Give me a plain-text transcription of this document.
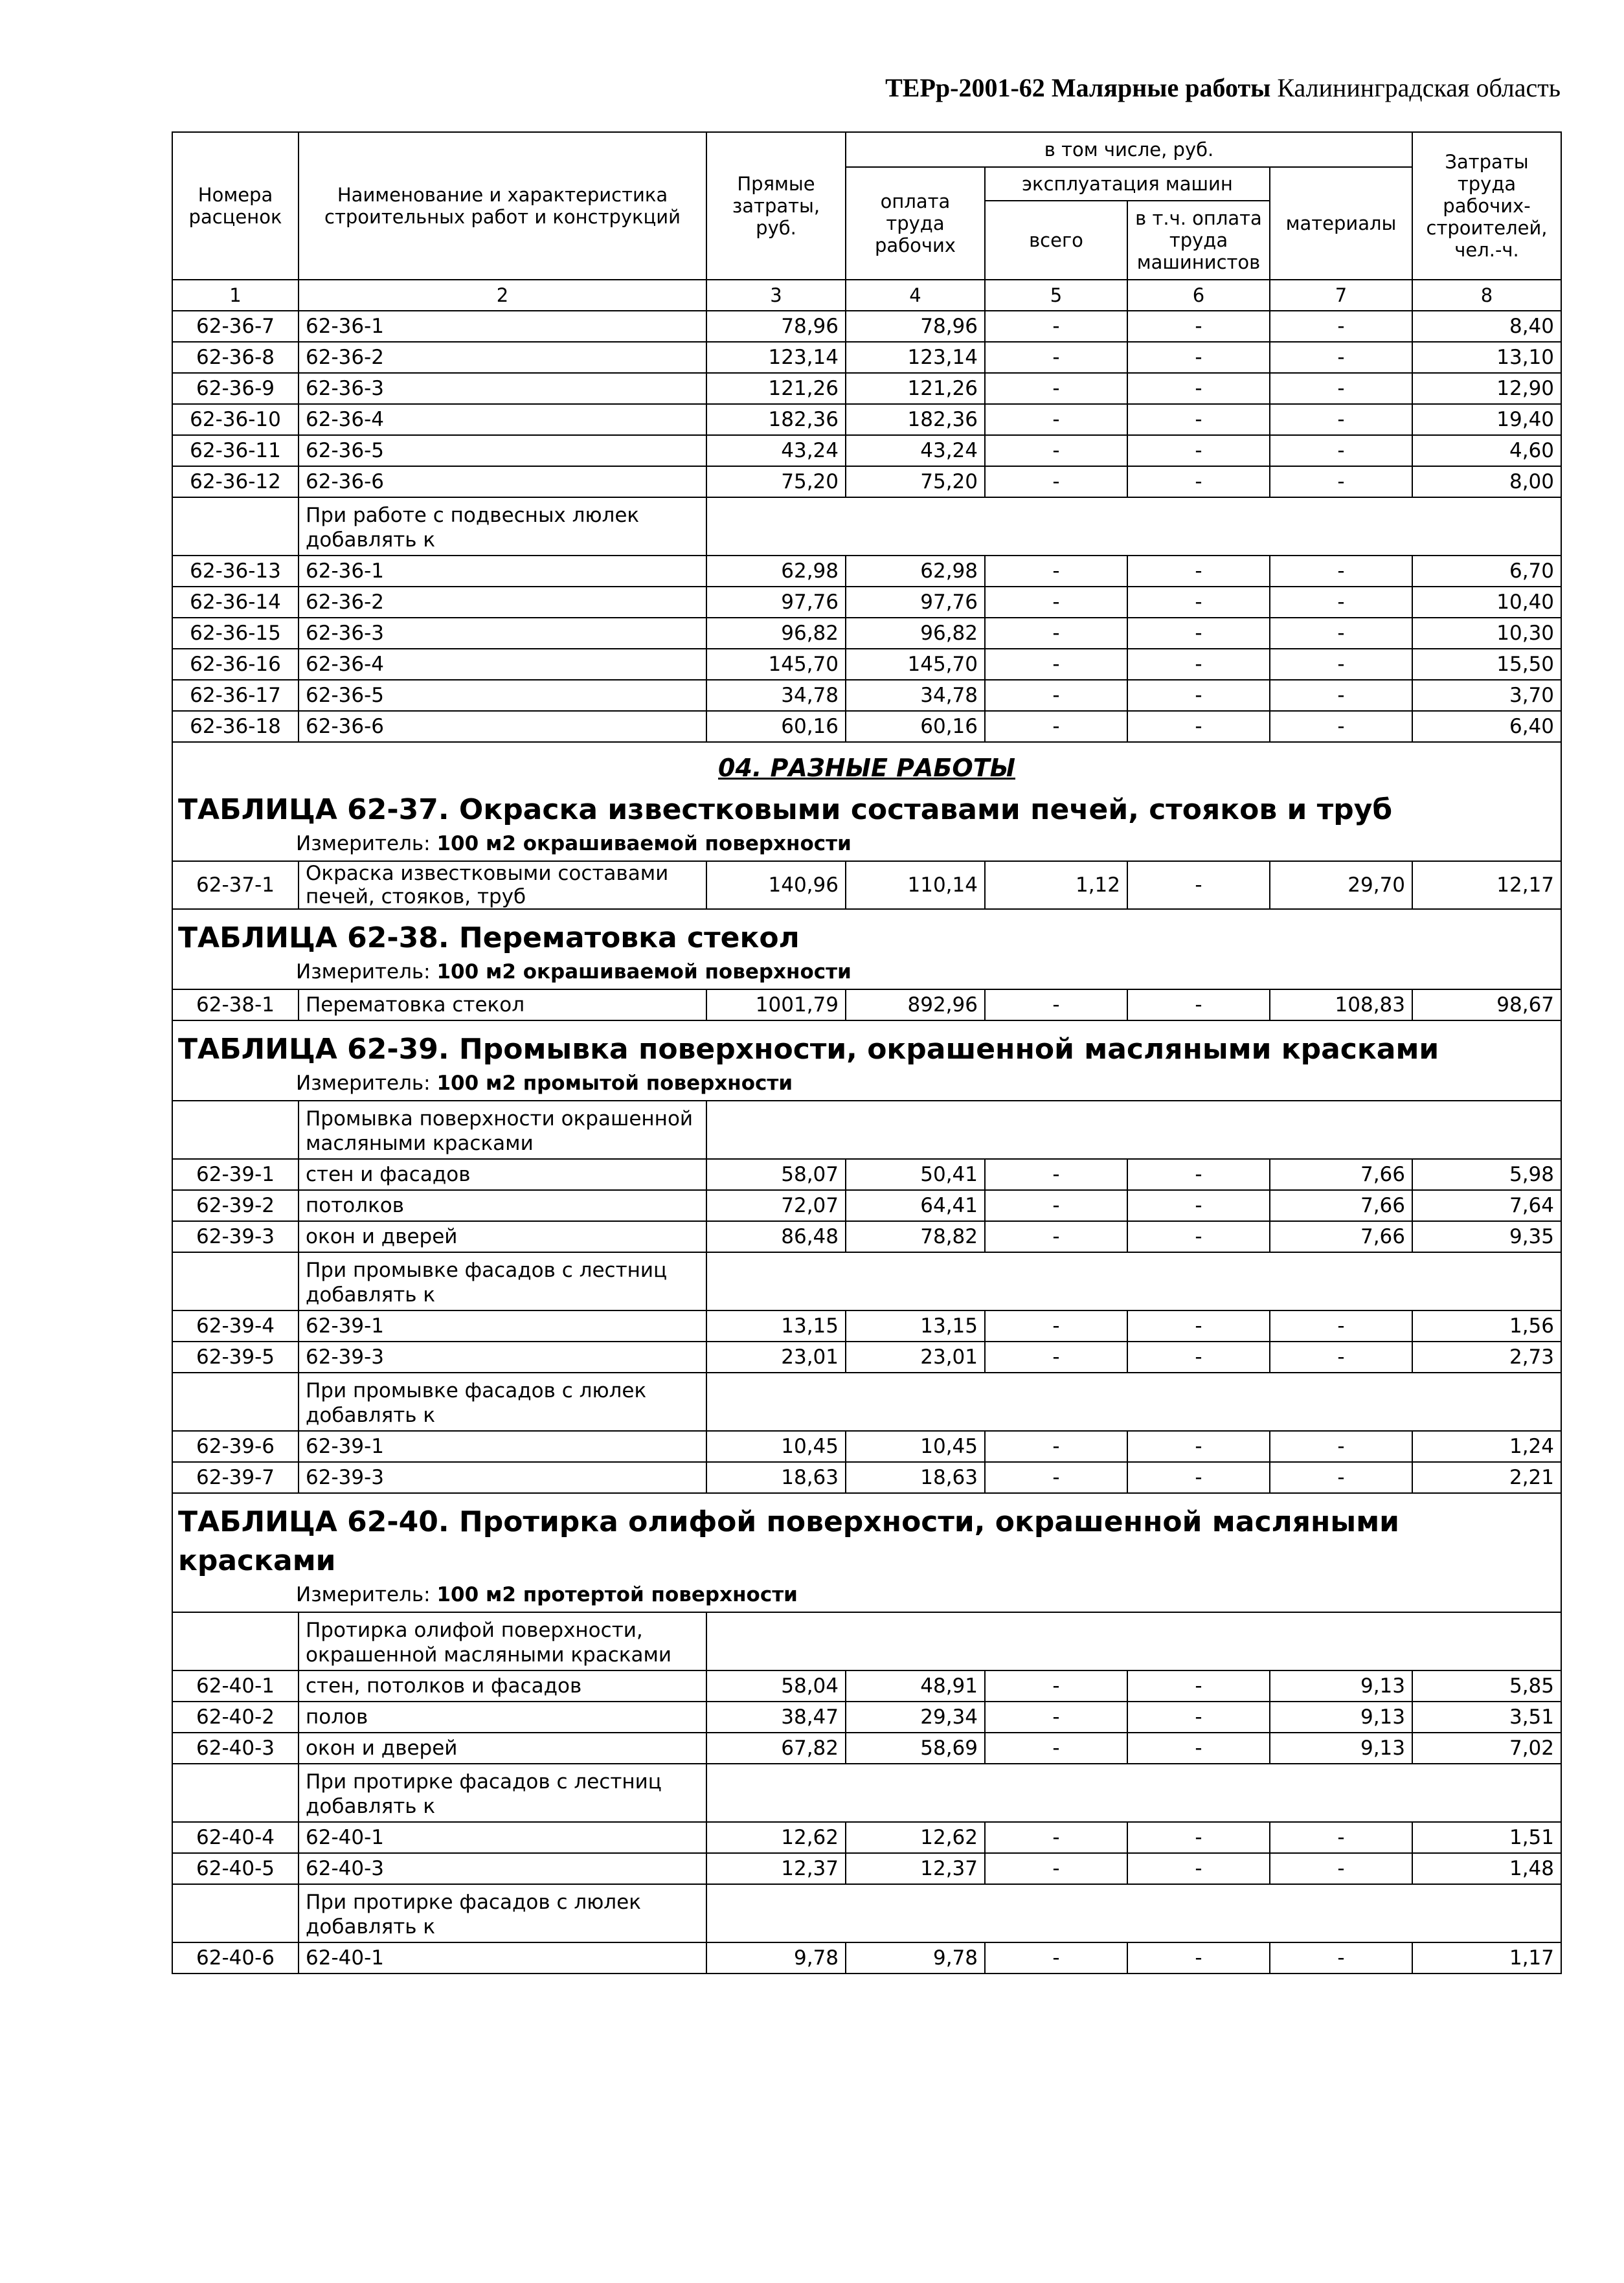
ТЕРр-2001-62 Малярные работы Калининградская область
Номера расценок	Наименование и характеристика строительных работ и конструкций	Прямые затраты, руб.	в том числе, руб.				Затраты труда рабочих-строителей, чел.-ч.
			оплата труда рабочих	эксплуатация машин		материалы	
				всего	в т.ч. оплата труда машинистов		
1	2	3	4	5	6	7	8
62-36-7	62-36-1	78,96	78,96	-	-	-	8,40
62-36-8	62-36-2	123,14	123,14	-	-	-	13,10
62-36-9	62-36-3	121,26	121,26	-	-	-	12,90
62-36-10	62-36-4	182,36	182,36	-	-	-	19,40
62-36-11	62-36-5	43,24	43,24	-	-	-	4,60
62-36-12	62-36-6	75,20	75,20	-	-	-	8,00
	При работе с подвесных люлек добавлять к						
62-36-13	62-36-1	62,98	62,98	-	-	-	6,70
62-36-14	62-36-2	97,76	97,76	-	-	-	10,40
62-36-15	62-36-3	96,82	96,82	-	-	-	10,30
62-36-16	62-36-4	145,70	145,70	-	-	-	15,50
62-36-17	62-36-5	34,78	34,78	-	-	-	3,70
62-36-18	62-36-6	60,16	60,16	-	-	-	6,40

04. РАЗНЫЕ РАБОТЫ
ТАБЛИЦА 62-37. Окраска известковыми составами печей, стояков и труб
Измеритель: 100 м2 окрашиваемой поверхности							

62-37-1	Окраска известковыми составами печей, стояков, труб	140,96	110,14	1,12	-	29,70	12,17

ТАБЛИЦА 62-38. Перематовка стекол
Измеритель: 100 м2 окрашиваемой поверхности							

62-38-1	Перематовка стекол	1001,79	892,96	-	-	108,83	98,67

ТАБЛИЦА 62-39. Промывка поверхности, окрашенной масляными красками
Измеритель: 100 м2 промытой поверхности							

	Промывка поверхности окрашенной масляными красками						
62-39-1	стен и фасадов	58,07	50,41	-	-	7,66	5,98
62-39-2	потолков	72,07	64,41	-	-	7,66	7,64
62-39-3	окон и дверей	86,48	78,82	-	-	7,66	9,35
	При промывке фасадов с лестниц добавлять к						
62-39-4	62-39-1	13,15	13,15	-	-	-	1,56
62-39-5	62-39-3	23,01	23,01	-	-	-	2,73
	При промывке фасадов с люлек добавлять к						
62-39-6	62-39-1	10,45	10,45	-	-	-	1,24
62-39-7	62-39-3	18,63	18,63	-	-	-	2,21

ТАБЛИЦА 62-40. Протирка олифой поверхности, окрашенной масляными красками
Измеритель: 100 м2 протертой поверхности							

	Протирка олифой поверхности, окрашенной масляными красками						
62-40-1	стен, потолков и фасадов	58,04	48,91	-	-	9,13	5,85
62-40-2	полов	38,47	29,34	-	-	9,13	3,51
62-40-3	окон и дверей	67,82	58,69	-	-	9,13	7,02
	При протирке фасадов с лестниц добавлять к						
62-40-4	62-40-1	12,62	12,62	-	-	-	1,51
62-40-5	62-40-3	12,37	12,37	-	-	-	1,48
	При протирке фасадов с люлек добавлять к						
62-40-6	62-40-1	9,78	9,78	-	-	-	1,17
